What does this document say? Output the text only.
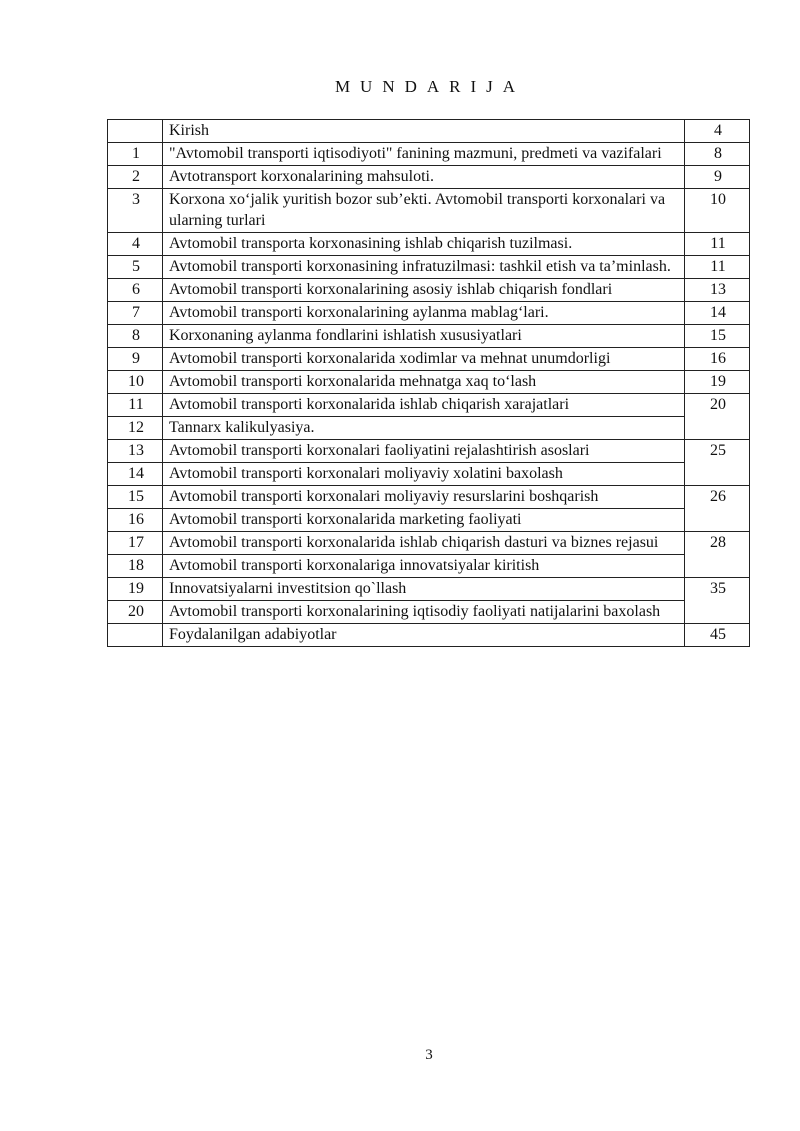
MUNDARIJA
	Kirish	4
1	"Avtomobil transporti iqtisodiyoti" fanining mazmuni, predmeti va vazifalari	8
2	Avtotransport korxonalarining mahsuloti.	9
3	Korxona xoʻjalik yuritish bozor sub’ekti. Avtomobil transporti korxonalari va ularning turlari	10
4	Avtomobil transporta korxonasining ishlab chiqarish tuzilmasi.	11
5	Avtomobil transporti korxonasining infratuzilmasi: tashkil etish va ta’minlash.	11
6	Avtomobil transporti korxonalarining asosiy ishlab chiqarish fondlari	13
7	Avtomobil transporti korxonalarining aylanma mablagʻlari.	14
8	Korxonaning aylanma fondlarini ishlatish xususiyatlari	15
9	Avtomobil transporti korxonalarida xodimlar va mehnat unumdorligi	16
10	Avtomobil transporti korxonalarida mehnatga xaq toʻlash	19
11	Avtomobil transporti korxonalarida ishlab chiqarish xarajatlari	20
12	Tannarx kalikulyasiya.	
13	Avtomobil transporti korxonalari faoliyatini rejalashtirish asoslari	25
14	Avtomobil transporti korxonalari moliyaviy xolatini baxolash	
15	Avtomobil transporti korxonalari moliyaviy resurslarini boshqarish	26
16	Avtomobil transporti korxonalarida marketing faoliyati	
17	Avtomobil transporti korxonalarida ishlab chiqarish dasturi va biznes rejasui	28
18	Avtomobil transporti korxonalariga innovatsiyalar kiritish	
19	Innovatsiyalarni investitsion qo`llash	35
20	Avtomobil transporti korxonalarining iqtisodiy faoliyati natijalarini baxolash	
	Foydalanilgan adabiyotlar	45
3
